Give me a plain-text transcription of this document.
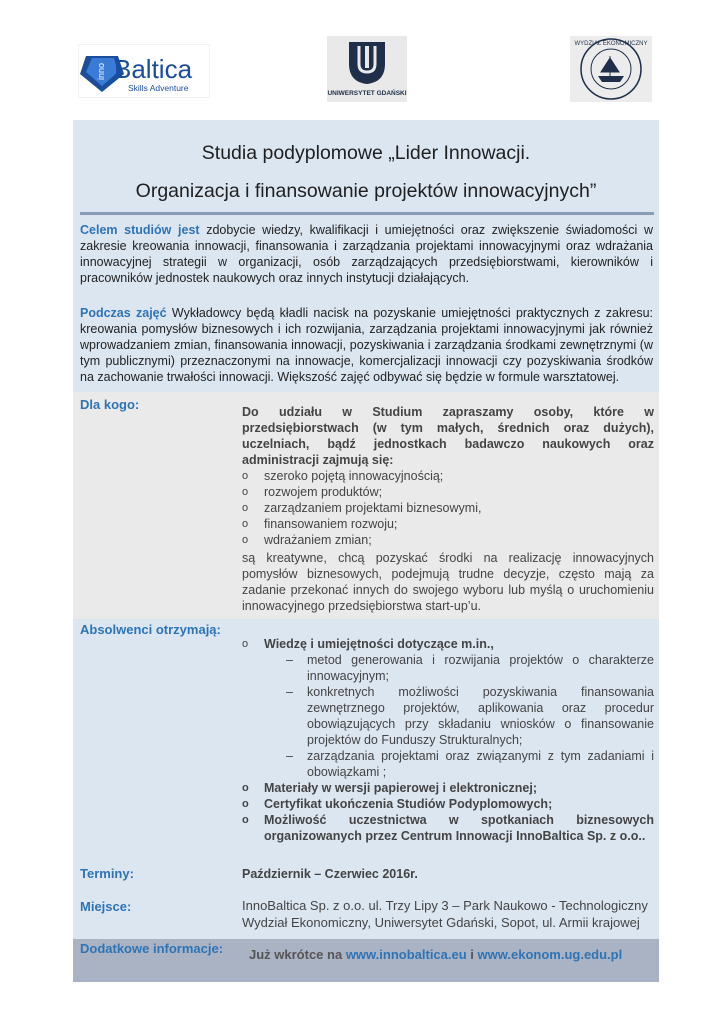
inno Baltica
Skills Adventure
UNIWERSYTET GDAŃSKI
WYDZIAŁ EKONOMICZNY
Studia podyplomowe „Lider Innowacji.
Organizacja i finansowanie projektów innowacyjnych”
Celem studiów jest zdobycie wiedzy, kwalifikacji i umiejętności oraz zwiększenie świadomości w zakresie kreowania innowacji, finansowania i zarządzania projektami innowacyjnymi oraz wdrażania innowacyjnej strategii w organizacji, osób zarządzających przedsiębiorstwami, kierowników i pracowników jednostek naukowych oraz innych instytucji działających.
Podczas zajęć Wykładowcy będą kładli nacisk na pozyskanie umiejętności praktycznych z zakresu: kreowania pomysłów biznesowych i ich rozwijania, zarządzania projektami innowacyjnymi jak również wprowadzaniem zmian, finansowania innowacji, pozyskiwania i zarządzania środkami zewnętrznymi (w tym publicznymi) przeznaczonymi na innowacje, komercjalizacji innowacji czy pozyskiwania środków na zachowanie trwałości innowacji. Większość zajęć odbywać się będzie w formule warsztatowej.
Dla kogo:	Do udziału w Studium zapraszamy osoby, które w przedsiębiorstwach (w tym małych, średnich oraz dużych), uczelniach, bądź jednostkach badawczo naukowych oraz administracji zajmują się:
o szeroko pojętą innowacyjnością;
o rozwojem produktów;
o zarządzaniem projektami biznesowymi,
o finansowaniem rozwoju;
o wdrażaniem zmian;
są kreatywne, chcą pozyskać środki na realizację innowacyjnych pomysłów biznesowych, podejmują trudne decyzje, często mają za zadanie przekonać innych do swojego wyboru lub myślą o uruchomieniu innowacyjnego przedsiębiorstwa start-up’u.
Absolwenci otrzymają:
o Wiedzę i umiejętności dotyczące m.in.,
– metod generowania i rozwijania projektów o charakterze innowacyjnym;
– konkretnych możliwości pozyskiwania finansowania zewnętrznego projektów, aplikowania oraz procedur obowiązujących przy składaniu wniosków o finansowanie projektów do Funduszy Strukturalnych;
– zarządzania projektami oraz związanymi z tym zadaniami i obowiązkami ;
o Materiały w wersji papierowej i elektronicznej;
o Certyfikat ukończenia Studiów Podyplomowych;
o Możliwość uczestnictwa w spotkaniach biznesowych organizowanych przez Centrum Innowacji InnoBaltica Sp. z o.o..
Terminy:	Październik – Czerwiec 2016r.
Miejsce:	InnoBaltica Sp. z o.o. ul. Trzy Lipy 3 – Park Naukowo - Technologiczny
Wydział Ekonomiczny, Uniwersytet Gdański, Sopot, ul. Armii krajowej
Dodatkowe informacje: Już wkrótce na www.innobaltica.eu i www.ekonom.ug.edu.pl
